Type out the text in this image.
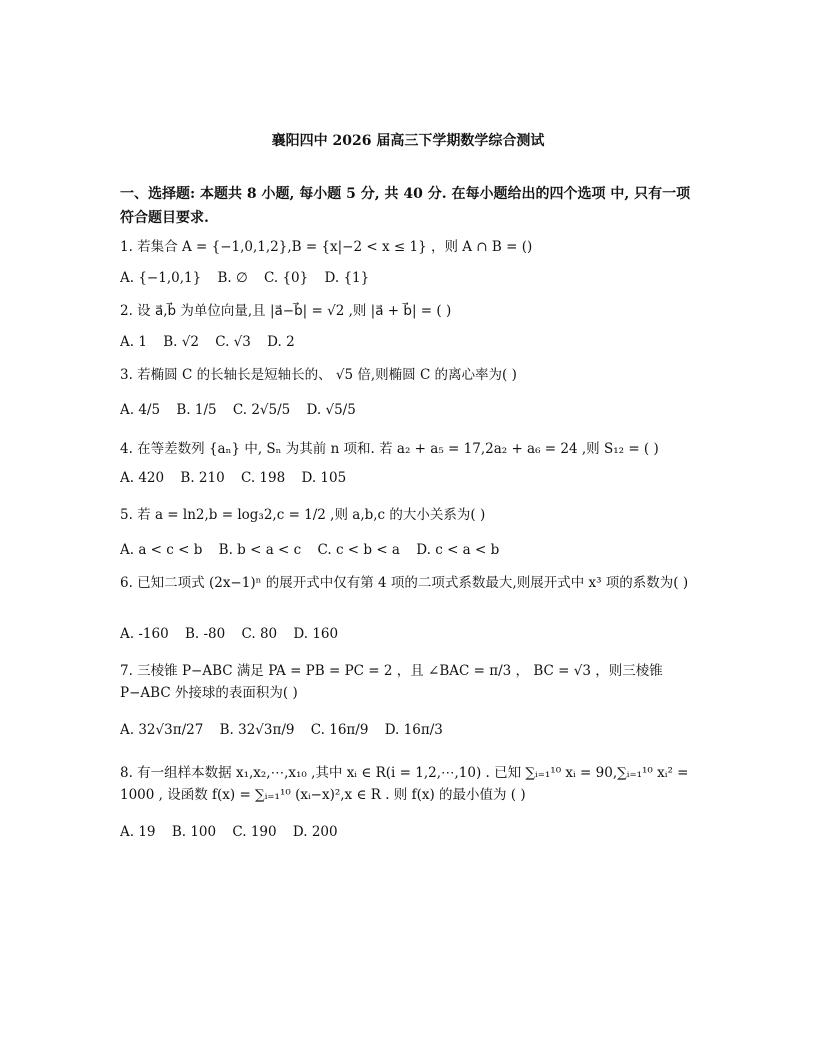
襄阳四中 2026 届高三下学期数学综合测试
一、选择题: 本题共 8 小题, 每小题 5 分, 共 40 分. 在每小题给出的四个选项 中, 只有一项符合题目要求.
1. 若集合 A = {−1,0,1,2},B = {x|−2 < x ≤ 1} ，则 A ∩ B = ()
A. {−1,0,1} B. ∅ C. {0} D. {1}
2. 设 a⃗,b⃗ 为单位向量,且 |a⃗−b⃗| = √2 ,则 |a⃗ + b⃗| = ( )
A. 1 B. √2 C. √3 D. 2
3. 若椭圆 C 的长轴长是短轴长的、 √5 倍,则椭圆 C 的离心率为( )
A. 4/5 B. 1/5 C. 2√5/5 D. √5/5
4. 在等差数列 {aₙ} 中, Sₙ 为其前 n 项和. 若 a₂ + a₅ = 17,2a₂ + a₆ = 24 ,则 S₁₂ = ( )
A. 420 B. 210 C. 198 D. 105
5. 若 a = ln2,b = log₃2,c = 1/2 ,则 a,b,c 的大小关系为( )
A. a < c < b B. b < a < c C. c < b < a D. c < a < b
6. 已知二项式 (2x−1)ⁿ 的展开式中仅有第 4 项的二项式系数最大,则展开式中 x³ 项的系数为( )
A. -160 B. -80 C. 80 D. 160
7. 三棱锥 P−ABC 满足 PA = PB = PC = 2 ，且 ∠BAC = π/3 ， BC = √3 ，则三棱锥 P−ABC 外接球的表面积为( )
A. 32√3π/27 B. 32√3π/9 C. 16π/9 D. 16π/3
8. 有一组样本数据 x₁,x₂,⋯,x₁₀ ,其中 xᵢ ∈ R(i = 1,2,⋯,10) . 已知 ∑ᵢ₌₁¹⁰ xᵢ = 90,∑ᵢ₌₁¹⁰ xᵢ² = 1000 , 设函数 f(x) = ∑ᵢ₌₁¹⁰ (xᵢ−x)²,x ∈ R . 则 f(x) 的最小值为 ( )
A. 19 B. 100 C. 190 D. 200
